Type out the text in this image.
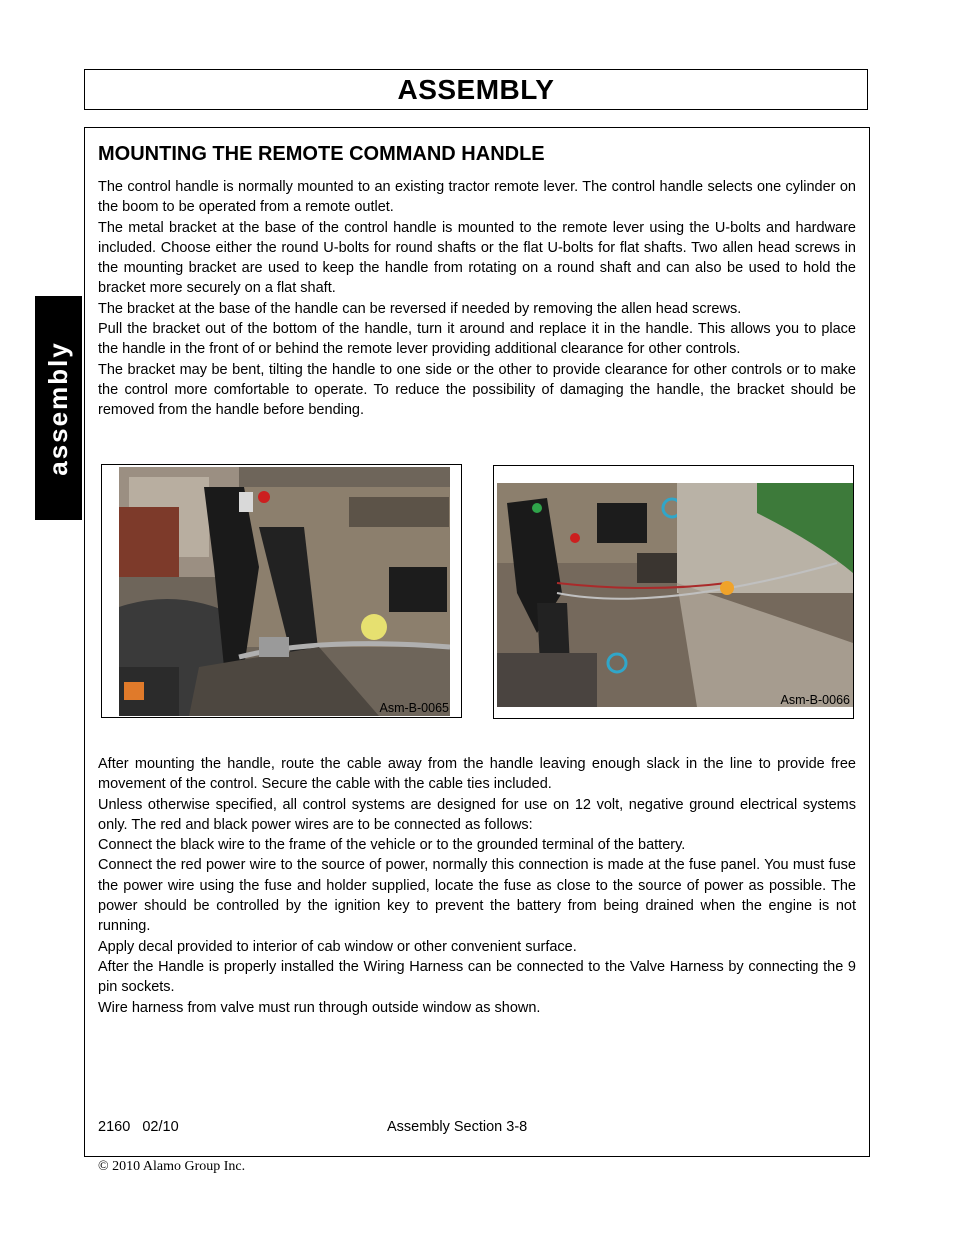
ASSEMBLY
assembly
MOUNTING THE REMOTE COMMAND HANDLE

The control handle is normally mounted to an existing tractor remote lever. The control handle selects one cylinder on the boom to be operated from a remote outlet.

The metal bracket at the base of the control handle is mounted to the remote lever using the U-bolts and hardware included. Choose either the round U-bolts for round shafts or the flat U-bolts for flat shafts. Two allen head screws in the mounting bracket are used to keep the handle from rotating on a round shaft and can also be used to hold the bracket more securely on a flat shaft.

The bracket at the base of the handle can be reversed if needed by removing the allen head screws.

Pull the bracket out of the bottom of the handle, turn it around and replace it in the handle. This allows you to place the handle in the front of or behind the remote lever providing additional clearance for other controls.

The bracket may be bent, tilting the handle to one side or the other to provide clearance for other controls or to make the control more comfortable to operate. To reduce the possibility of damaging the handle, the bracket should be removed from the handle before bending.

Asm-B-0065
Asm-B-0066

After mounting the handle, route the cable away from the handle leaving enough slack in the line to provide free movement of the control. Secure the cable with the cable ties included.

Unless otherwise specified, all control systems are designed for use on 12 volt, negative ground electrical systems only. The red and black power wires are to be connected as follows:

Connect the black wire to the frame of the vehicle or to the grounded terminal of the battery.

Connect the red power wire to the source of power, normally this connection is made at the fuse panel. You must fuse the power wire using the fuse and holder supplied, locate the fuse as close to the source of power as possible. The power should be controlled by the ignition key to prevent the battery from being drained when the engine is not running.

Apply decal provided to interior of cab window or other convenient surface.

After the Handle is properly installed the Wiring Harness can be connected to the Valve Harness by connecting the 9 pin sockets.

Wire harness from valve must run through outside window as shown.

2160   02/10	Assembly Section 3-8
© 2010 Alamo Group Inc.
